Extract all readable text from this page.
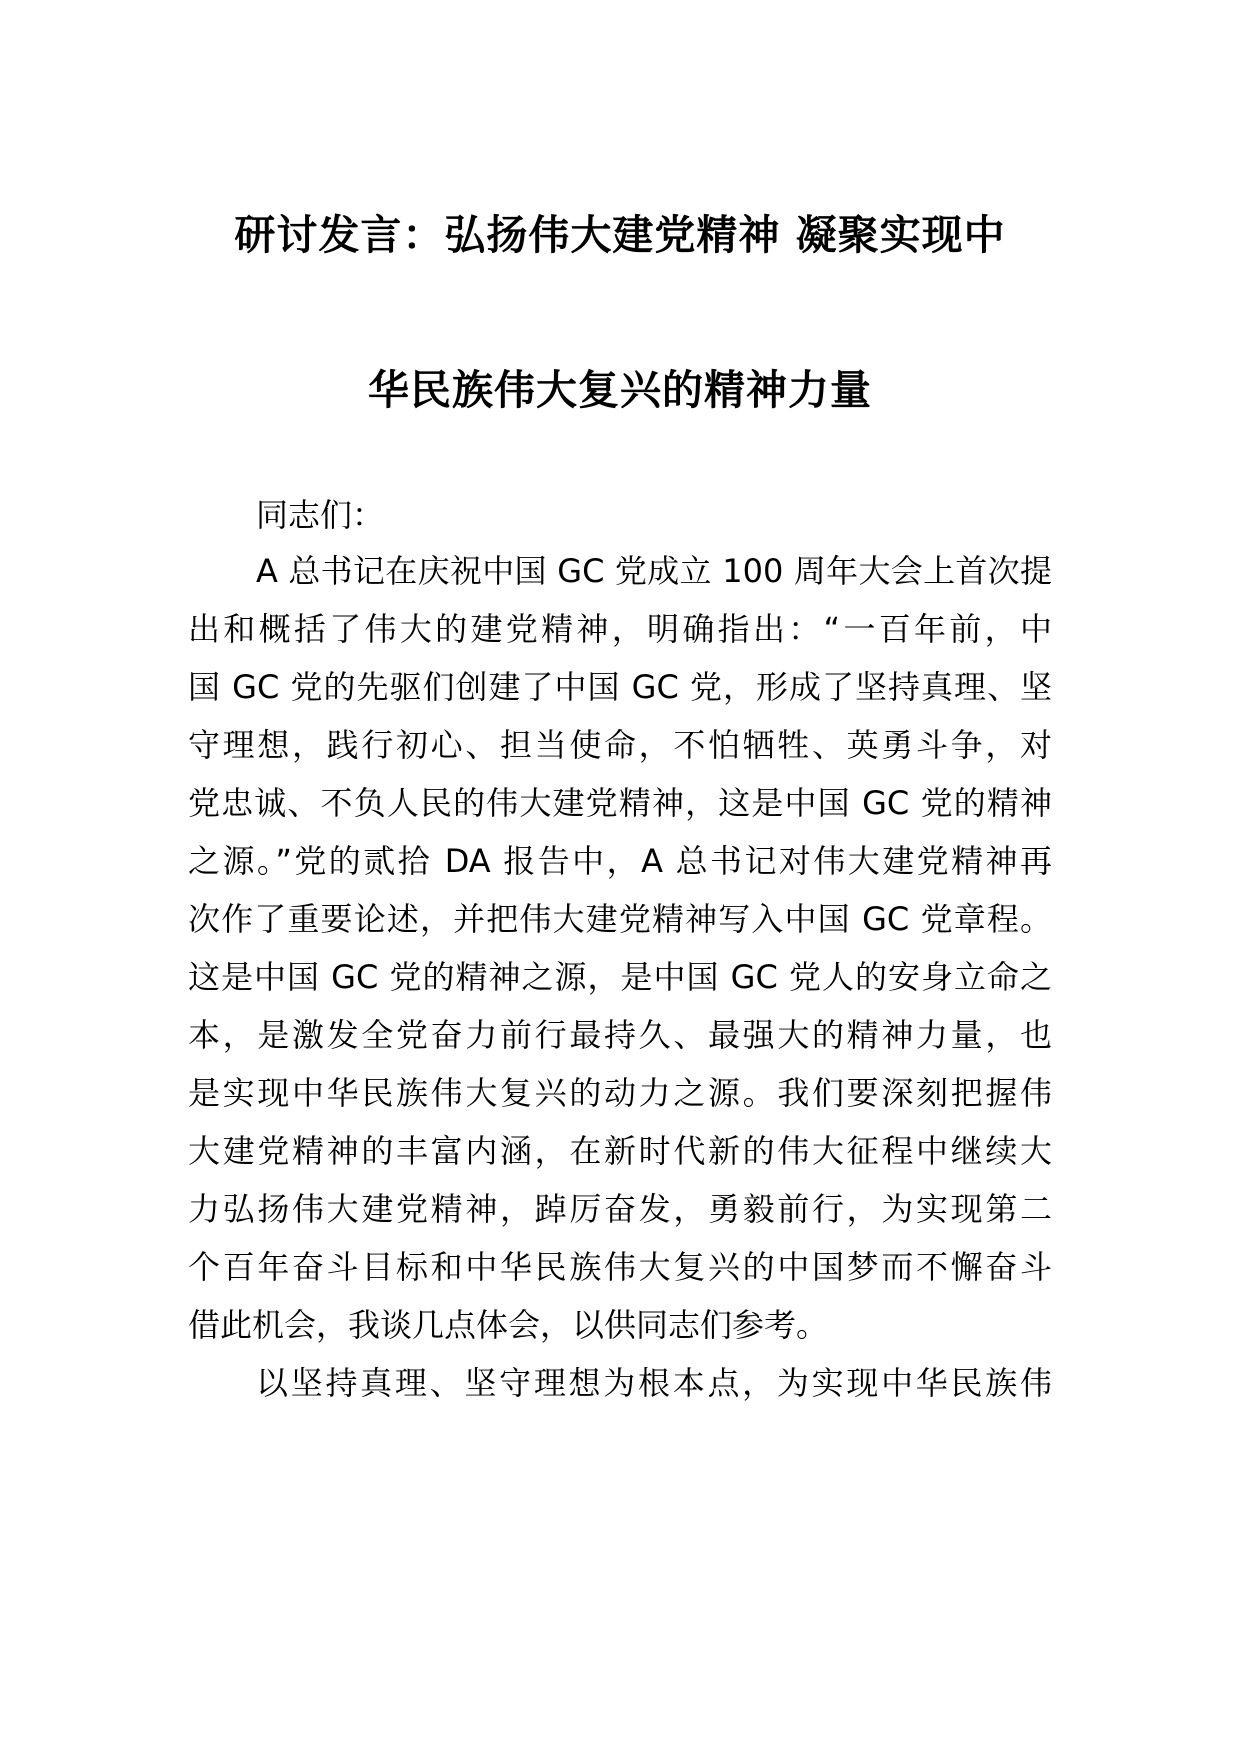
研讨发言：弘扬伟大建党精神 凝聚实现中
华民族伟大复兴的精神力量
同志们：
A 总书记在庆祝中国 GC 党成立 100 周年大会上首次提
出和概括了伟大的建党精神，明确指出：“一百年前，中
国 GC 党的先驱们创建了中国 GC 党，形成了坚持真理、坚
守理想，践行初心、担当使命，不怕牺牲、英勇斗争，对
党忠诚、不负人民的伟大建党精神，这是中国 GC 党的精神
之源。”党的贰拾 DA 报告中，A 总书记对伟大建党精神再
次作了重要论述，并把伟大建党精神写入中国 GC 党章程。
这是中国 GC 党的精神之源，是中国 GC 党人的安身立命之
本，是激发全党奋力前行最持久、最强大的精神力量，也
是实现中华民族伟大复兴的动力之源。我们要深刻把握伟
大建党精神的丰富内涵，在新时代新的伟大征程中继续大
力弘扬伟大建党精神，踔厉奋发，勇毅前行，为实现第二
个百年奋斗目标和中华民族伟大复兴的中国梦而不懈奋斗
借此机会，我谈几点体会，以供同志们参考。
以坚持真理、坚守理想为根本点，为实现中华民族伟
